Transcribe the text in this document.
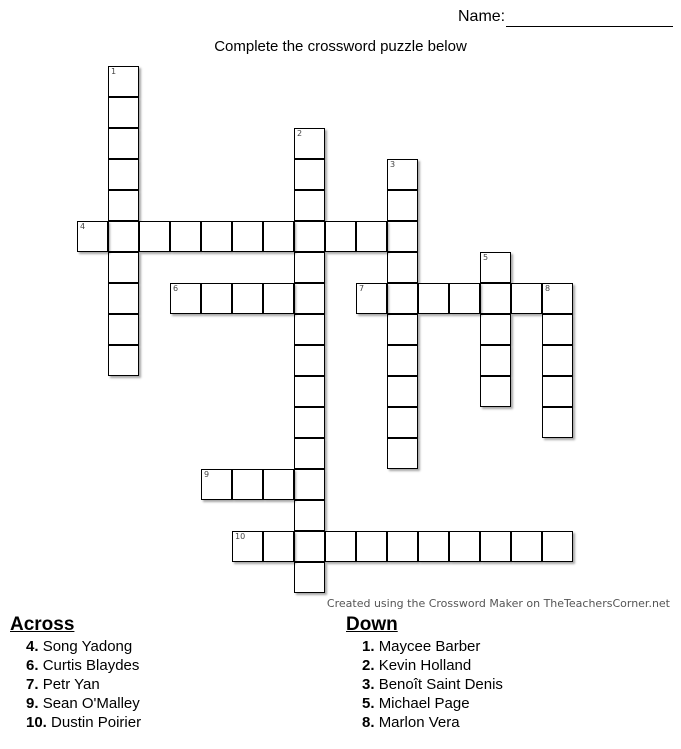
Name:
Complete the crossword puzzle below
1
2
3
4
5
6	7	8
9
10
Created using the Crossword Maker on TheTeachersCorner.net
Across
4. Song Yadong
6. Curtis Blaydes
7. Petr Yan
9. Sean O'Malley
10. Dustin Poirier
Down
1. Maycee Barber
2. Kevin Holland
3. Benoît Saint Denis
5. Michael Page
8. Marlon Vera
